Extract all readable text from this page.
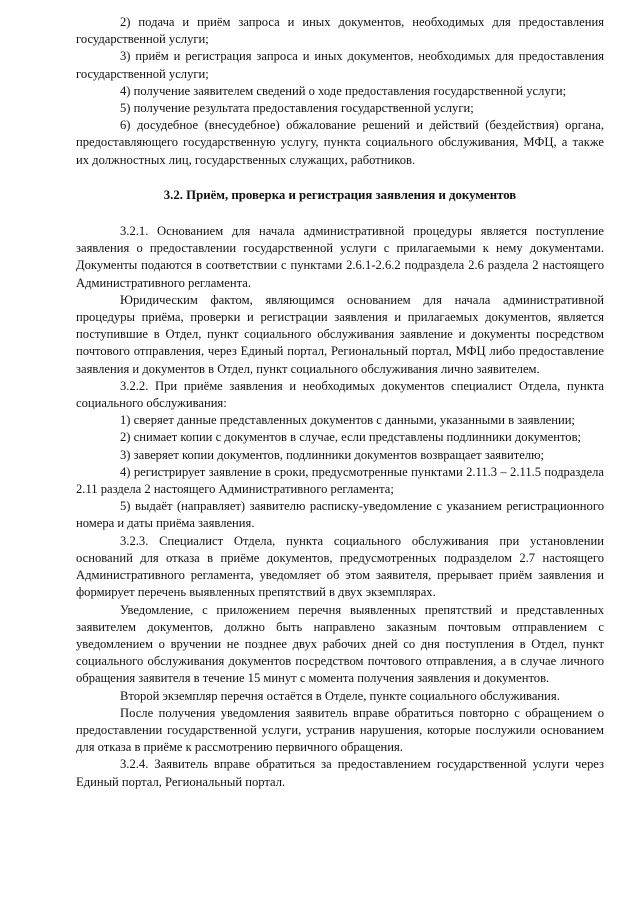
2) подача и приём запроса и иных документов, необходимых для предоставления государственной услуги;

3) приём и регистрация запроса и иных документов, необходимых для предоставления государственной услуги;

4) получение заявителем сведений о ходе предоставления государственной услуги;

5) получение результата предоставления государственной услуги;

6) досудебное (внесудебное) обжалование решений и действий (бездействия) органа, предоставляющего государственную услугу, пункта социального обслуживания, МФЦ, а также их должностных лиц, государственных служащих, работников.

3.2. Приём, проверка и регистрация заявления и документов

3.2.1. Основанием для начала административной процедуры является поступление заявления о предоставлении государственной услуги с прилагаемыми к нему документами. Документы подаются в соответствии с пунктами 2.6.1-2.6.2 подраздела 2.6 раздела 2 настоящего Административного регламента.

Юридическим фактом, являющимся основанием для начала административной процедуры приёма, проверки и регистрации заявления и прилагаемых документов, является поступившие в Отдел, пункт социального обслуживания заявление и документы посредством почтового отправления, через Единый портал, Региональный портал, МФЦ либо предоставление заявления и документов в Отдел, пункт социального обслуживания лично заявителем.

3.2.2. При приёме заявления и необходимых документов специалист Отдела, пункта социального обслуживания:

1) сверяет данные представленных документов с данными, указанными в заявлении;

2) снимает копии с документов в случае, если представлены подлинники документов;

3) заверяет копии документов, подлинники документов возвращает заявителю;

4) регистрирует заявление в сроки, предусмотренные пунктами 2.11.3 – 2.11.5 подраздела 2.11 раздела 2 настоящего Административного регламента;

5) выдаёт (направляет) заявителю расписку-уведомление с указанием регистрационного номера и даты приёма заявления.

3.2.3. Специалист Отдела, пункта социального обслуживания при установлении оснований для отказа в приёме документов, предусмотренных подразделом 2.7 настоящего Административного регламента, уведомляет об этом заявителя, прерывает приём заявления и формирует перечень выявленных препятствий в двух экземплярах.

Уведомление, с приложением перечня выявленных препятствий и представленных заявителем документов, должно быть направлено заказным почтовым отправлением с уведомлением о вручении не позднее двух рабочих дней со дня поступления в Отдел, пункт социального обслуживания документов посредством почтового отправления, а в случае личного обращения заявителя в течение 15 минут с момента получения заявления и документов.

Второй экземпляр перечня остаётся в Отделе, пункте социального обслуживания.

После получения уведомления заявитель вправе обратиться повторно с обращением о предоставлении государственной услуги, устранив нарушения, которые послужили основанием для отказа в приёме к рассмотрению первичного обращения.

3.2.4. Заявитель вправе обратиться за предоставлением государственной услуги через Единый портал, Региональный портал.
